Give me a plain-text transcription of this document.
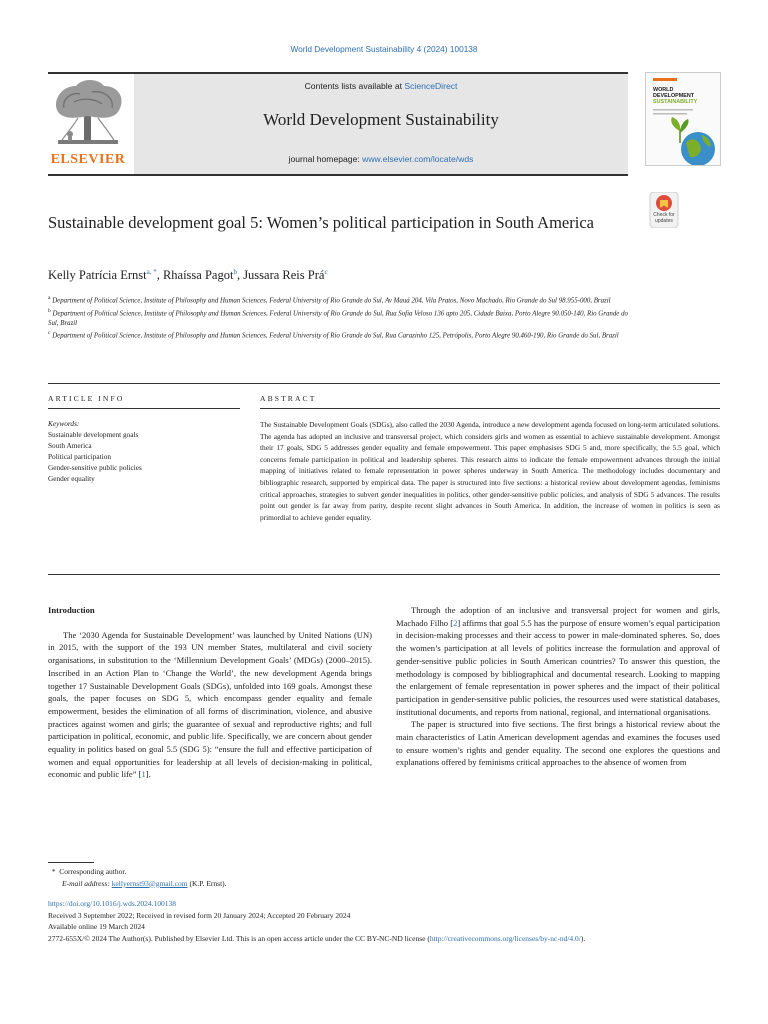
World Development Sustainability 4 (2024) 100138
ELSEVIER
Contents lists available at ScienceDirect
World Development Sustainability
journal homepage: www.elsevier.com/locate/wds
WORLD
DEVELOPMENT
SUSTAINABILITY
Check for updates
Sustainable development goal 5: Women’s political participation in South America
Kelly Patrícia Ernst$^{a, *}$, Rhaíssa Pagot$^b$, Jussara Reis Prá$^c$

$^a$ Department of Political Science, Institute of Philosophy and Human Sciences, Federal University of Rio Grande do Sul, Av Mauá 204, Vila Pratos, Novo Machado, Rio Grande do Sul 98.955-000, Brazil

$^b$ Department of Political Science, Institute of Philosophy and Human Sciences, Federal University of Rio Grande do Sul, Rua Sofia Veloso 136 apto 205, Cidade Baixa, Porto Alegre 90.050-140, Rio Grande do Sul, Brazil

$^c$ Department of Political Science, Institute of Philosophy and Human Sciences, Federal University of Rio Grande do Sul, Rua Carazinho 125, Petrópolis, Porto Alegre 90.460-190, Rio Grande do Sul, Brazil

ARTICLE INFO	ABSTRACT
Keywords:
Sustainable development goals
South America
Political participation
Gender-sensitive public policies
Gender equality
The Sustainable Development Goals (SDGs), also called the 2030 Agenda, introduce a new development agenda focused on long-term articulated solutions. The agenda has adopted an inclusive and transversal project, which considers girls and women as essential to achieve sustainable development. Amongst their 17 goals, SDG 5 addresses gender equality and female empowerment. This paper emphasises SDG 5 and, more specifically, the 5.5 goal, which concerns female participation in political and leadership spheres. This research aims to indicate the female empowerment advances through the initial mapping of initiatives related to female representation in power spheres underway in South America. The methodology includes documentary and bibliographic research, supported by empirical data. The paper is structured into five sections: a historical review about development agendas, feminisms critical approaches, strategies to subvert gender inequalities in politics, other gender-sensitive public policies, and analysis of SDG 5 advances. The results point out gender is far away from parity, despite recent slight advances in South America. In addition, the increase of women in politics is seen as primordial to achieve gender equality.
Introduction

The ‘2030 Agenda for Sustainable Development’ was launched by United Nations (UN) in 2015, with the support of the 193 UN member States, multilateral and civil society organisations, in substitution to the ‘Millennium Development Goals’ (MDGs) (2000–2015). Inscribed in an Action Plan to ‘Change the World’, the new development Agenda brings together 17 Sustainable Development Goals (SDGs), unfolded into 169 goals. Amongst these goals, the paper focuses on SDG 5, which encompass gender equality and female empowerment, besides the elimination of all forms of discrimination, violence, and abusive practices against women and girls; the guarantee of sexual and reproductive rights; and full participation in political, economic, and public life. Specifically, we are concern about gender equality in politics based on goal 5.5 (SDG 5): “ensure the full and effective participation of women and equal opportunities for leadership at all levels of decision-making in political, economic and public life” [1].

Through the adoption of an inclusive and transversal project for women and girls, Machado Filho [2] affirms that goal 5.5 has the purpose of ensure women’s equal participation in decision-making processes and their access to power in male-dominated spheres. So, does the women’s participation at all levels of politics increase the formulation and approval of gender-sensitive public policies in South American countries? To answer this question, the methodology is composed by bibliographical and documental research. Looking to mapping the enlargement of female representation in power spheres and the impact of their political participation in gender-sensitive public policies, the resources used were statistical databases, institutional documents, and reports from national, regional, and international organisations.

The paper is structured into five sections. The first brings a historical review about the main characteristics of Latin American development agendas and examines the focuses used to ensure women’s rights and gender equality. The second one explores the questions and explanations offered by feminisms critical approaches to the absence of women from

* Corresponding author.

E-mail address: kellyernst93@gmail.com (K.P. Ernst).

https://doi.org/10.1016/j.wds.2024.100138

Received 3 September 2022; Received in revised form 20 January 2024; Accepted 20 February 2024

Available online 19 March 2024

2772-655X/© 2024 The Author(s). Published by Elsevier Ltd. This is an open access article under the CC BY-NC-ND license (http://creativecommons.org/licenses/by-nc-nd/4.0/).
